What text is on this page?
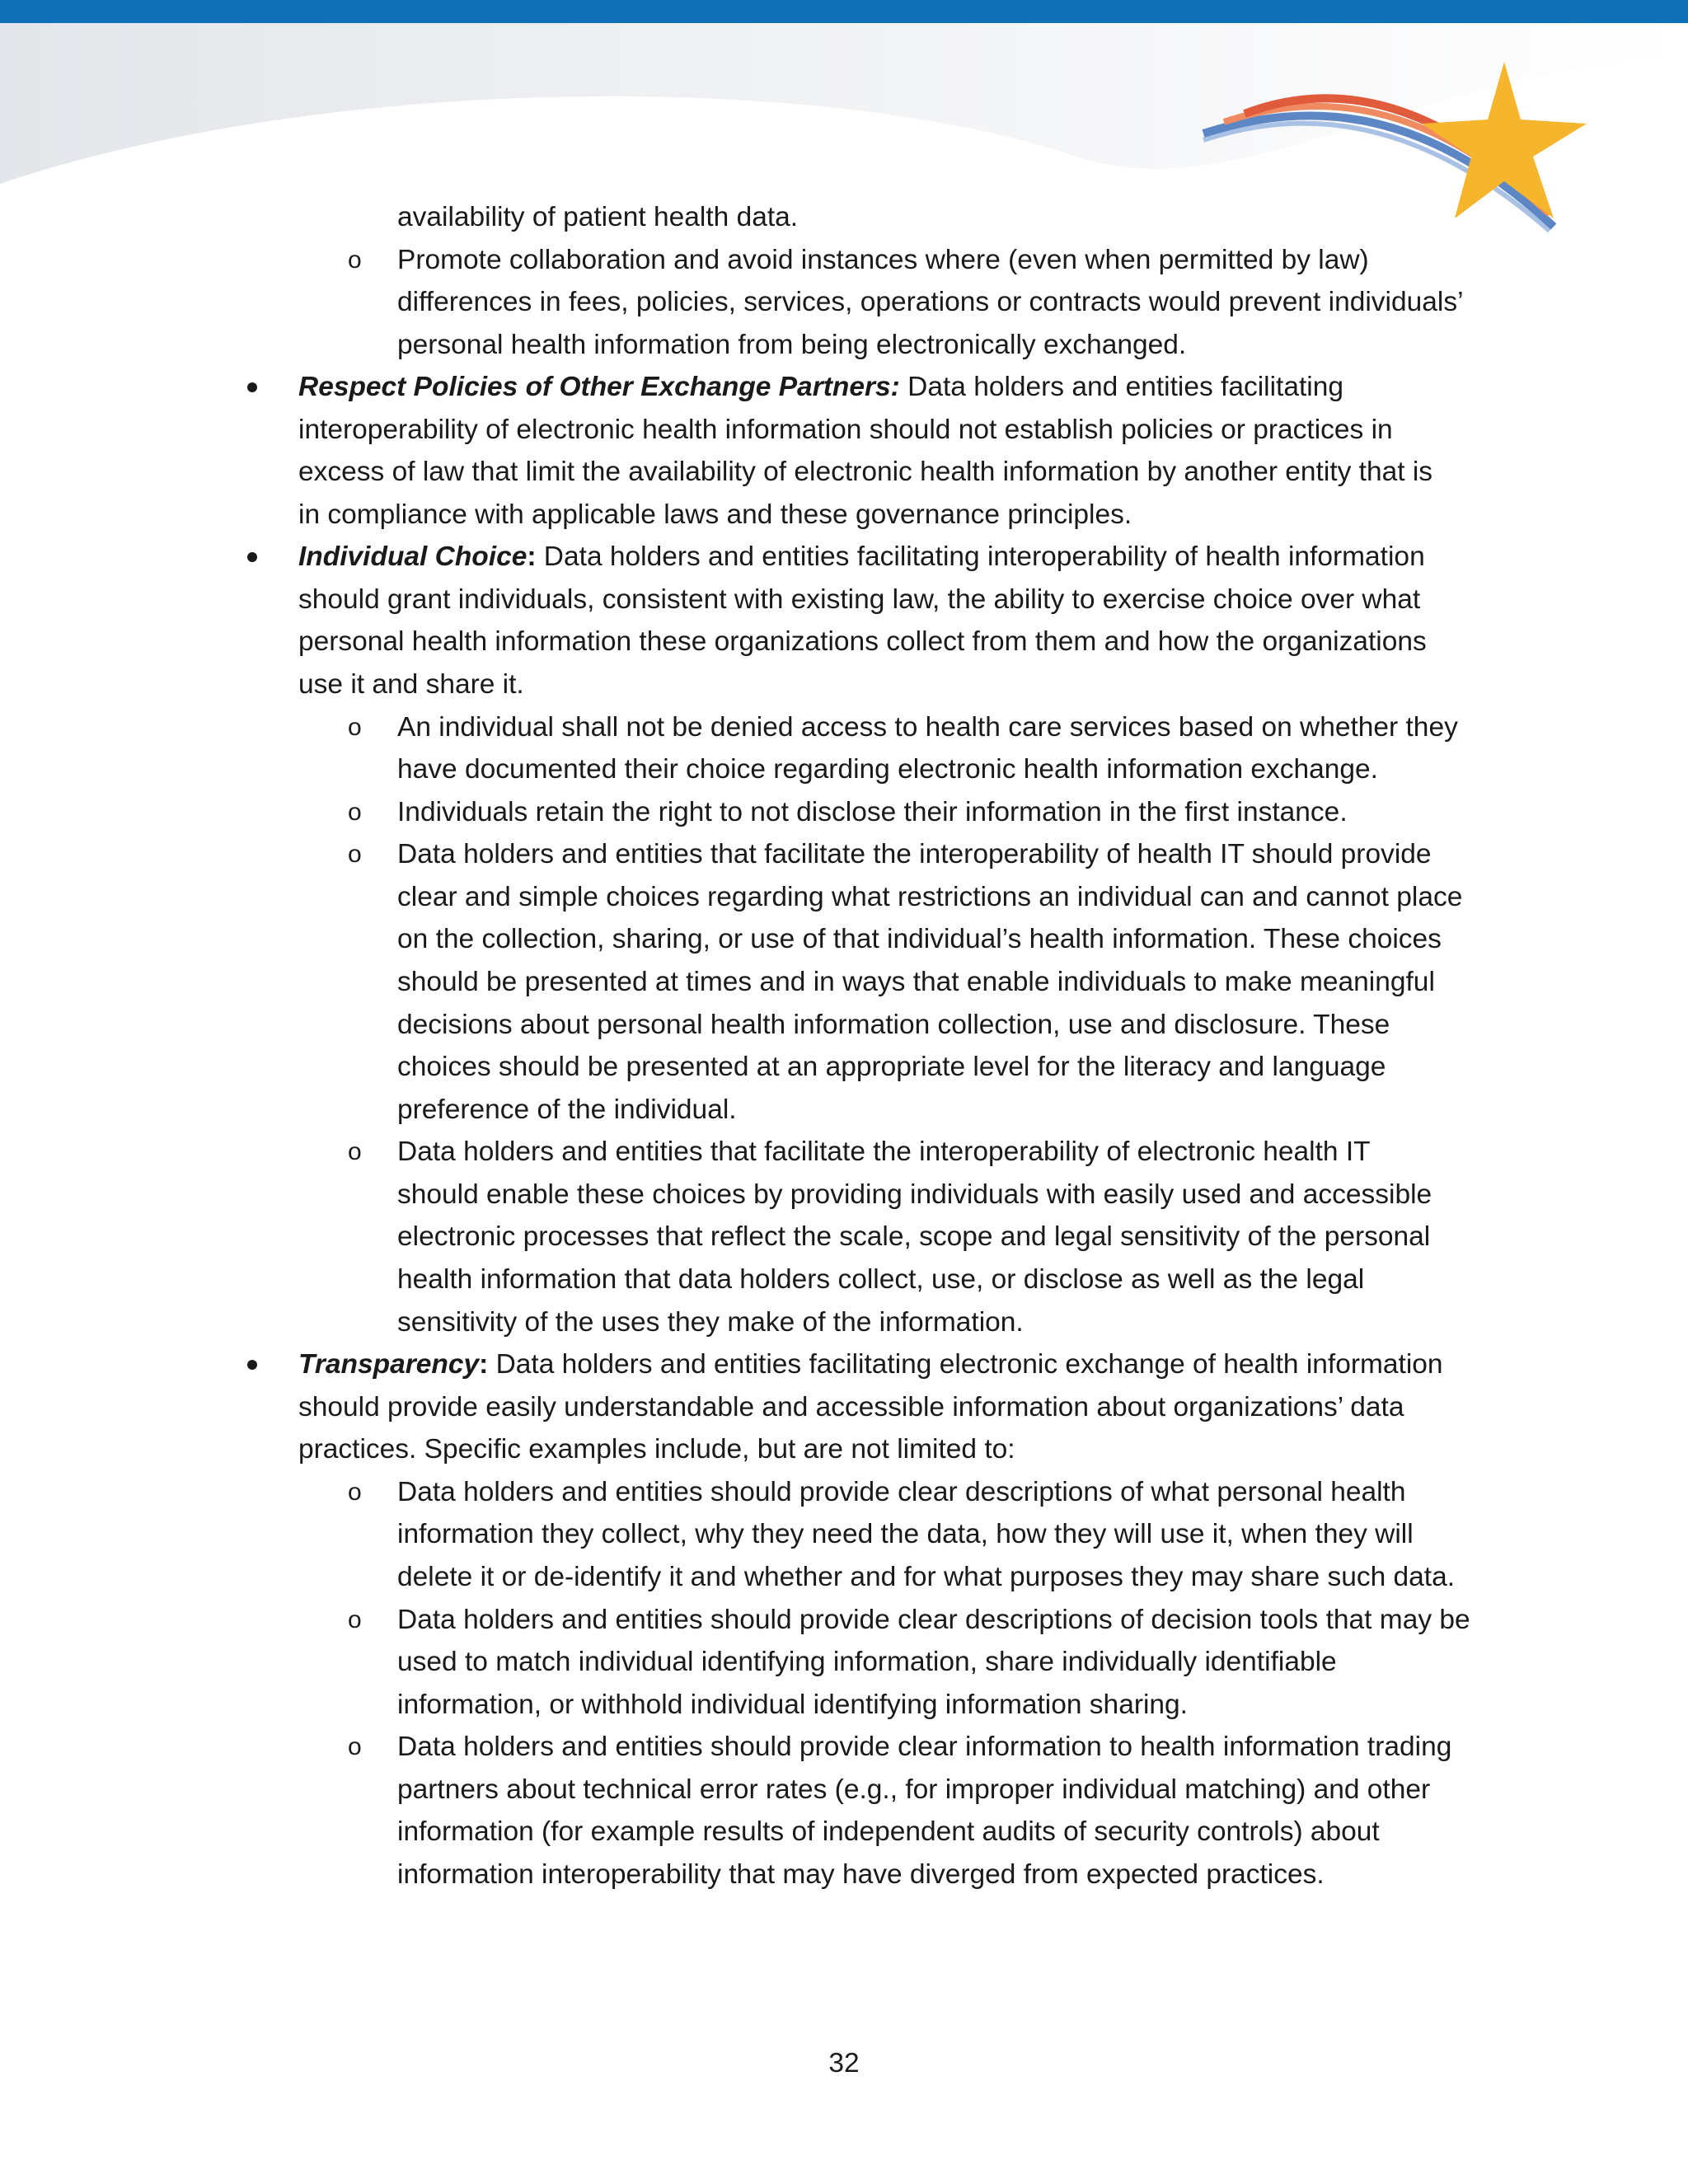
availability of patient health data.
o Promote collaboration and avoid instances where (even when permitted by law)
differences in fees, policies, services, operations or contracts would prevent individuals’
personal health information from being electronically exchanged.
Respect Policies of Other Exchange Partners: Data holders and entities facilitating
interoperability of electronic health information should not establish policies or practices in
excess of law that limit the availability of electronic health information by another entity that is
in compliance with applicable laws and these governance principles.
Individual Choice: Data holders and entities facilitating interoperability of health information
should grant individuals, consistent with existing law, the ability to exercise choice over what
personal health information these organizations collect from them and how the organizations
use it and share it.
o An individual shall not be denied access to health care services based on whether they
have documented their choice regarding electronic health information exchange.
o Individuals retain the right to not disclose their information in the first instance.
o Data holders and entities that facilitate the interoperability of health IT should provide
clear and simple choices regarding what restrictions an individual can and cannot place
on the collection, sharing, or use of that individual’s health information. These choices
should be presented at times and in ways that enable individuals to make meaningful
decisions about personal health information collection, use and disclosure. These
choices should be presented at an appropriate level for the literacy and language
preference of the individual.
o Data holders and entities that facilitate the interoperability of electronic health IT
should enable these choices by providing individuals with easily used and accessible
electronic processes that reflect the scale, scope and legal sensitivity of the personal
health information that data holders collect, use, or disclose as well as the legal
sensitivity of the uses they make of the information.
Transparency: Data holders and entities facilitating electronic exchange of health information
should provide easily understandable and accessible information about organizations’ data
practices. Specific examples include, but are not limited to:
o Data holders and entities should provide clear descriptions of what personal health
information they collect, why they need the data, how they will use it, when they will
delete it or de-identify it and whether and for what purposes they may share such data.
o Data holders and entities should provide clear descriptions of decision tools that may be
used to match individual identifying information, share individually identifiable
information, or withhold individual identifying information sharing.
o Data holders and entities should provide clear information to health information trading
partners about technical error rates (e.g., for improper individual matching) and other
information (for example results of independent audits of security controls) about
information interoperability that may have diverged from expected practices.
32
